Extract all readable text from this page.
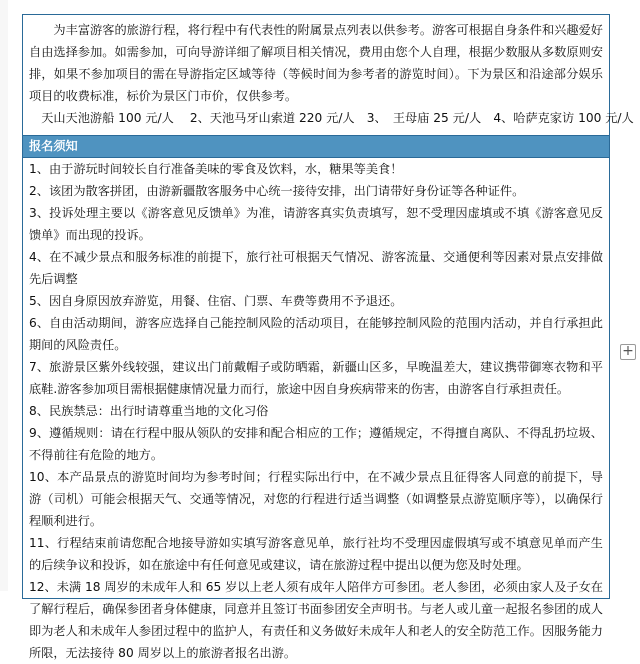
为丰富游客的旅游行程，将行程中有代表性的附属景点列表以供参考。游客可根据自身条件和兴趣爱好自由选择参加。如需参加，可向导游详细了解项目相关情况，费用由您个人自理，根据少数服从多数原则安排，如果不参加项目的需在导游指定区域等待（等候时间为参考者的游览时间）。下为景区和沿途部分娱乐项目的收费标准，标价为景区门市价，仅供参考。

天山天池游船 100 元/人　 2、天池马牙山索道 220 元/人　3、　王母庙 25 元/人　4、哈萨克家访 100 元/人

报名须知

1、由于游玩时间较长自行准备美味的零食及饮料，水，糖果等美食！

2、该团为散客拼团，由游新疆散客服务中心统一接待安排，出门请带好身份证等各种证件。

3、投诉处理主要以《游客意见反馈单》为准，请游客真实负责填写，恕不受理因虚填或不填《游客意见反馈单》而出现的投诉。

4、在不减少景点和服务标准的前提下，旅行社可根据天气情况、游客流量、交通便利等因素对景点安排做先后调整

5、因自身原因放弃游览，用餐、住宿、门票、车费等费用不予退还。

6、自由活动期间，游客应选择自己能控制风险的活动项目，在能够控制风险的范围内活动，并自行承担此期间的风险责任。

7、旅游景区紫外线较强，建议出门前戴帽子或防晒霜，新疆山区多，早晚温差大，建议携带御寒衣物和平底鞋.游客参加项目需根据健康情况量力而行，旅途中因自身疾病带来的伤害，由游客自行承担责任。

8、民族禁忌：出行时请尊重当地的文化习俗

9、遵循规则：请在行程中服从领队的安排和配合相应的工作；遵循规定，不得擅自离队、不得乱扔垃圾、不得前往有危险的地方。

10、本产品景点的游览时间均为参考时间；行程实际出行中，在不减少景点且征得客人同意的前提下，导游（司机）可能会根据天气、交通等情况，对您的行程进行适当调整（如调整景点游览顺序等），以确保行程顺利进行。

11、行程结束前请您配合地接导游如实填写游客意见单，旅行社均不受理因虚假填写或不填意见单而产生的后续争议和投诉，如在旅途中有任何意见或建议，请在旅游过程中提出以便为您及时处理。

12、未满 18 周岁的未成年人和 65 岁以上老人须有成年人陪伴方可参团。老人参团，必须由家人及子女在了解行程后，确保参团者身体健康，同意并且签订书面参团安全声明书。与老人或儿童一起报名参团的成人即为老人和未成年人参团过程中的监护人，有责任和义务做好未成年人和老人的安全防范工作。因服务能力所限，无法接待 80 周岁以上的旅游者报名出游。

+
